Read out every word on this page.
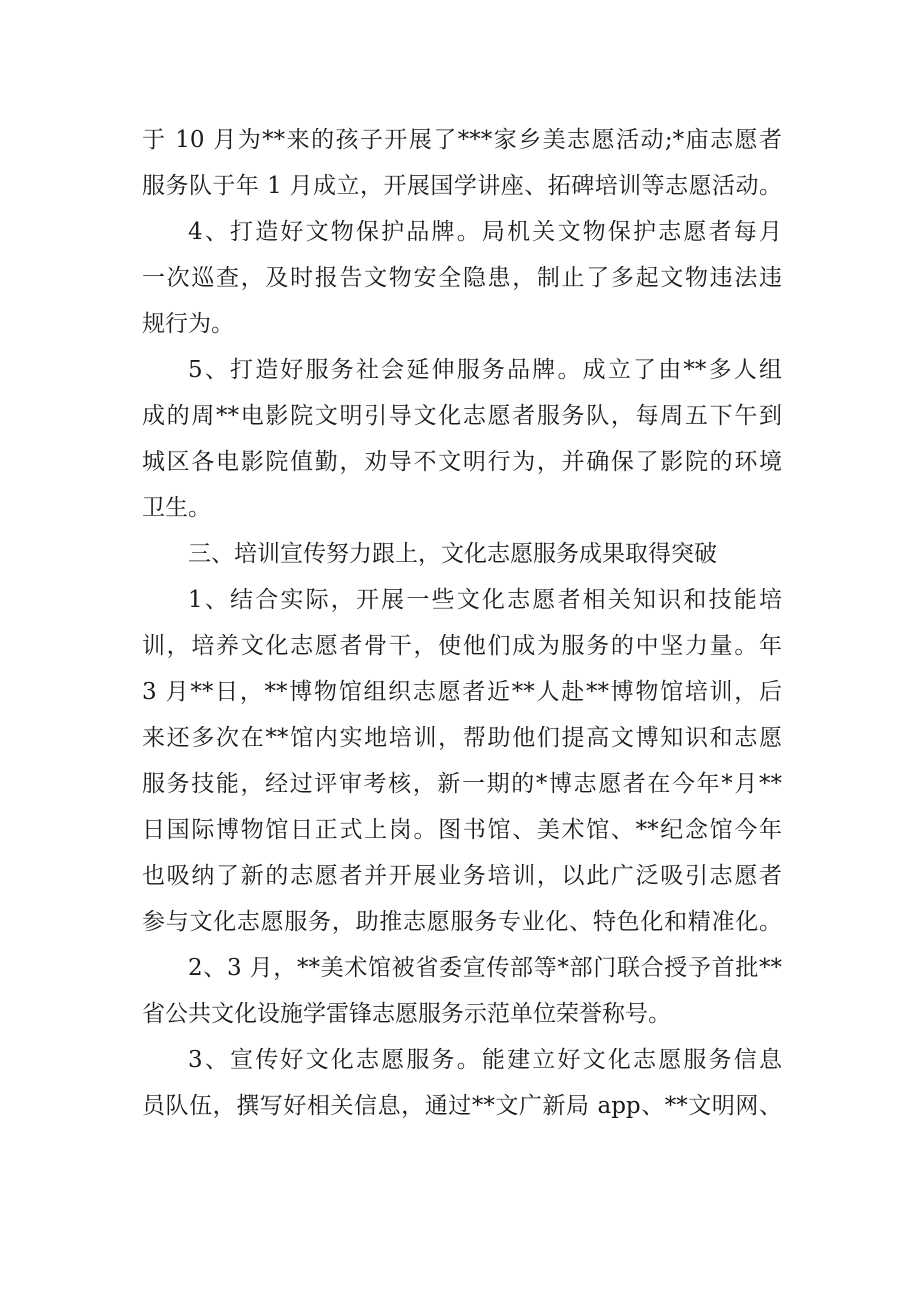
于 10 月为**来的孩子开展了***家乡美志愿活动;*庙志愿者
服务队于年 1 月成立，开展国学讲座、拓碑培训等志愿活动。
4、打造好文物保护品牌。局机关文物保护志愿者每月
一次巡查，及时报告文物安全隐患，制止了多起文物违法违
规行为。
5、打造好服务社会延伸服务品牌。成立了由**多人组
成的周**电影院文明引导文化志愿者服务队，每周五下午到
城区各电影院值勤，劝导不文明行为，并确保了影院的环境
卫生。
三、培训宣传努力跟上，文化志愿服务成果取得突破
1、结合实际，开展一些文化志愿者相关知识和技能培
训，培养文化志愿者骨干，使他们成为服务的中坚力量。年
3 月**日，**博物馆组织志愿者近**人赴**博物馆培训，后
来还多次在**馆内实地培训，帮助他们提高文博知识和志愿
服务技能，经过评审考核，新一期的*博志愿者在今年*月**
日国际博物馆日正式上岗。图书馆、美术馆、**纪念馆今年
也吸纳了新的志愿者并开展业务培训，以此广泛吸引志愿者
参与文化志愿服务，助推志愿服务专业化、特色化和精准化。
2、3 月，**美术馆被省委宣传部等*部门联合授予首批**
省公共文化设施学雷锋志愿服务示范单位荣誉称号。
3、宣传好文化志愿服务。能建立好文化志愿服务信息
员队伍，撰写好相关信息，通过**文广新局 app、**文明网、
